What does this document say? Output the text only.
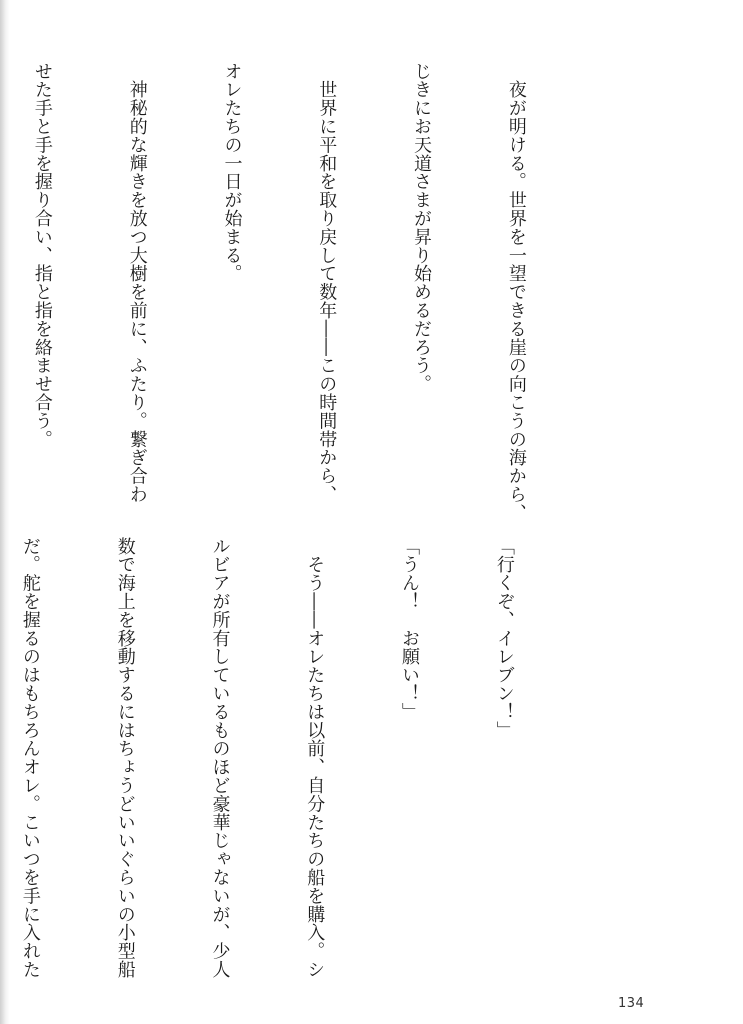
　夜が明ける。世界を一望できる崖の向こうの海から、

じきにお天道さまが昇り始めるだろう。

　世界に平和を取り戻して数年――この時間帯から、

オレたちの一日が始まる。

　神秘的な輝きを放つ大樹を前に、ふたり。繋ぎ合わ

せた手と手を握り合い、指と指を絡ませ合う。

「行くぞ、イレブン！」

「うん！　お願い！」

　そう――オレたちは以前、自分たちの船を購入。シ

ルビアが所有しているものほど豪華じゃないが、少人

数で海上を移動するにはちょうどいいぐらいの小型船

だ。舵を握るのはもちろんオレ。こいつを手に入れた

134
